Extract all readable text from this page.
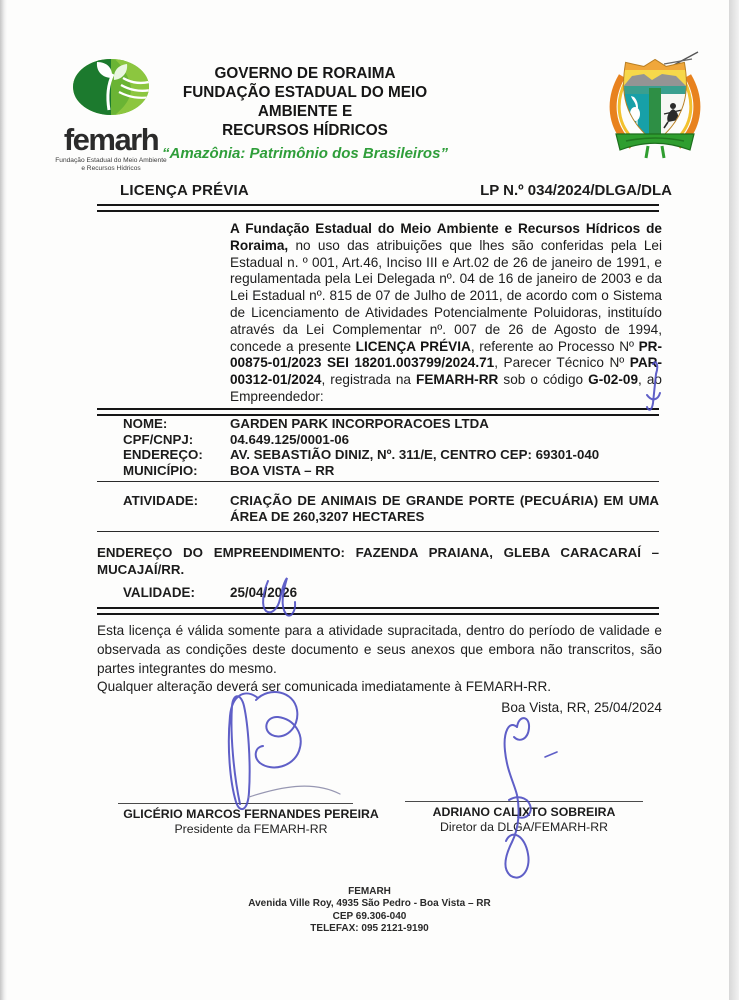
femarh
Fundação Estadual do Meio Ambiente
e Recursos Hídricos
GOVERNO DE RORAIMA
FUNDAÇÃO ESTADUAL DO MEIO AMBIENTE E
RECURSOS HÍDRICOS
“Amazônia: Patrimônio dos Brasileiros”
LICENÇA PRÉVIA	LP N.º 034/2024/DLGA/DLA
A Fundação Estadual do Meio Ambiente e Recursos Hídricos de Roraima, no uso das atribuições que lhes são conferidas pela Lei Estadual n. º 001, Art.46, Inciso III e Art.02 de 26 de janeiro de 1991, e regulamentada pela Lei Delegada nº. 04 de 16 de janeiro de 2003 e da Lei Estadual nº. 815 de 07 de Julho de 2011, de acordo com o Sistema de Licenciamento de Atividades Potencialmente Poluidoras, instituído através da Lei Complementar nº. 007 de 26 de Agosto de 1994, concede a presente LICENÇA PRÉVIA, referente ao Processo Nº PR-00875-01/2023 SEI 18201.003799/2024.71, Parecer Técnico Nº PAR-00312-01/2024, registrada na FEMARH-RR sob o código G-02-09, ao Empreendedor:
NOME:	GARDEN PARK INCORPORACOES LTDA
CPF/CNPJ:	04.649.125/0001-06
ENDEREÇO:	AV. SEBASTIÃO DINIZ, Nº. 311/E, CENTRO CEP: 69301-040
MUNICÍPIO:	BOA VISTA – RR
ATIVIDADE:	CRIAÇÃO DE ANIMAIS DE GRANDE PORTE (PECUÁRIA) EM UMA ÁREA DE 260,3207 HECTARES
ENDEREÇO DO EMPREENDIMENTO: FAZENDA PRAIANA, GLEBA CARACARAÍ – MUCAJAÍ/RR.
VALIDADE:	25/04/2026
Esta licença é válida somente para a atividade supracitada, dentro do período de validade e observada as condições deste documento e seus anexos que embora não transcritos, são partes integrantes do mesmo.
Qualquer alteração deverá ser comunicada imediatamente à FEMARH-RR.
Boa Vista, RR, 25/04/2024
GLICÉRIO MARCOS FERNANDES PEREIRA
Presidente da FEMARH-RR
ADRIANO CALIXTO SOBREIRA
Diretor da DLGA/FEMARH-RR
FEMARH
Avenida Ville Roy, 4935 São Pedro - Boa Vista – RR
CEP 69.306-040
TELEFAX: 095 2121-9190
